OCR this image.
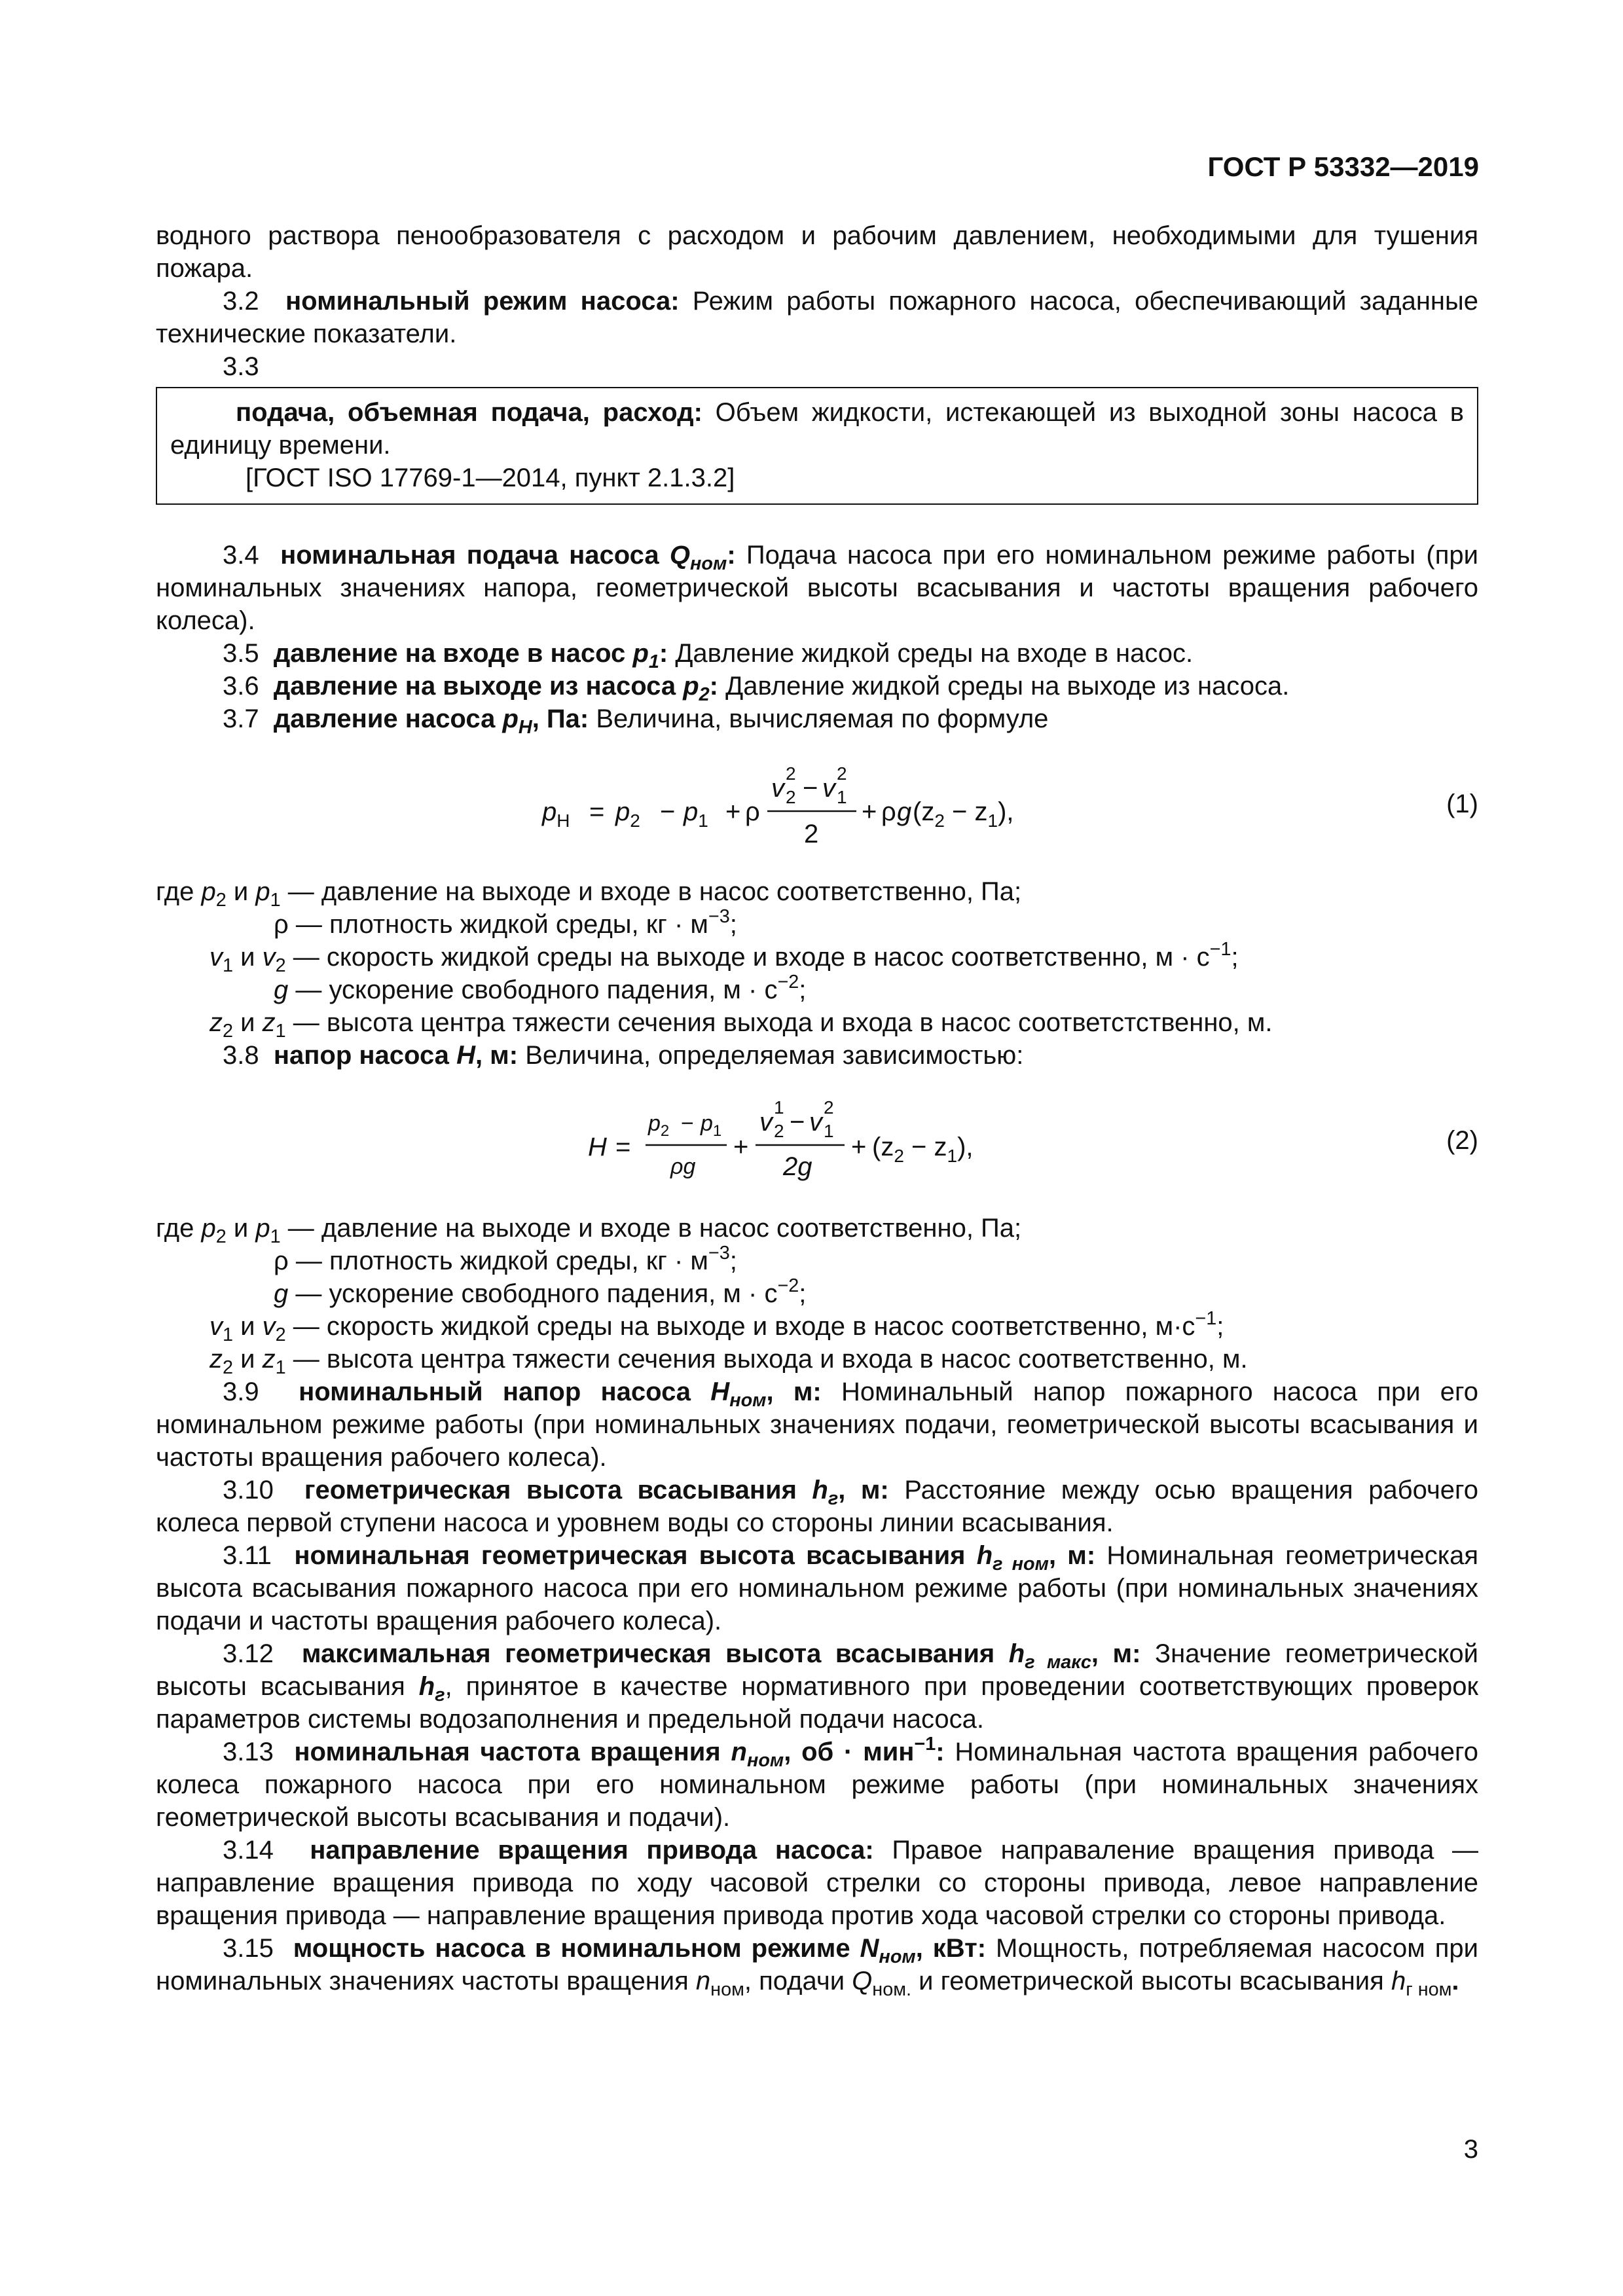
ГОСТ Р 53332—2019

водного раствора пенообразователя с расходом и рабочим давлением, необходимыми для тушения пожара.

3.2 номинальный режим насоса: Режим работы пожарного насоса, обеспечивающий заданные технические показатели.

3.3

подача, объемная подача, расход: Объем жидкости, истекающей из выходной зоны насоса в единицу времени.

[ГОСТ ISO 17769-1—2014, пункт 2.1.3.2]

3.4 номинальная подача насоса $Q_{ном}$: Подача насоса при его номинальном режиме работы (при номинальных значениях напора, геометрической высоты всасывания и частоты вращения рабочего колеса).

3.5 давление на входе в насос $p_1$: Давление жидкой среды на входе в насос.

3.6 давление на выходе из насоса $p_2$: Давление жидкой среды на выходе из насоса.

3.7 давление насоса $p_Н$, Па: Величина, вычисляемая по формуле

$p_Н = p_2 - p_1 + \rho$
v
2
2 − v
2
1
2
+ ρ g $(z_2 - z_1)$,	(1)
где $p_2$ и $p_1$ — давление на выходе и входе в насос соответственно, Па;
ρ — плотность жидкой среды, кг · $м^{-3}$;
$v_1$ и $v_2$ — скорость жидкой среды на выходе и входе в насос соответственно, $м \cdot с^{-1}$;
g — ускорение свободного падения, $м \cdot с^{-2}$;
$z_2$ и $z_1$ — высота центра тяжести сечения выхода и входа в насос соответстственно, м.

3.8 напор насоса H, м: Величина, определяемая зависимостью:

H =
$p_2 - p_1$
ρg
+
v
1
2 − v
2
1
2g
+ $(z_2 - z_1)$,	(2)
где $p_2$ и $p_1$ — давление на выходе и входе в насос соответственно, Па;
ρ — плотность жидкой среды, кг · $м^{-3}$;
g — ускорение свободного падения, $м \cdot с^{-2}$;
$v_1$ и $v_2$ — скорость жидкой среды на выходе и входе в насос соответственно, $м\cdot с^{-1}$;
$z_2$ и $z_1$ — высота центра тяжести сечения выхода и входа в насос соответственно, м.

3.9 номинальный напор насоса $H_{ном}$, м: Номинальный напор пожарного насоса при его номинальном режиме работы (при номинальных значениях подачи, геометрической высоты всасывания и частоты вращения рабочего колеса).

3.10 геометрическая высота всасывания $h_г$, м: Расстояние между осью вращения рабочего колеса первой ступени насоса и уровнем воды со стороны линии всасывания.

3.11 номинальная геометрическая высота всасывания $h_{г ном}$, м: Номинальная геометрическая высота всасывания пожарного насоса при его номинальном режиме работы (при номинальных значениях подачи и частоты вращения рабочего колеса).

3.12 максимальная геометрическая высота всасывания $h_{г макс}$, м: Значение геометрической высоты всасывания $h_г$, принятое в качестве нормативного при проведении соответствующих проверок параметров системы водозаполнения и предельной подачи насоса.

3.13 номинальная частота вращения $n_{ном}$, об · мин$^{-1}$: Номинальная частота вращения рабочего колеса пожарного насоса при его номинальном режиме работы (при номинальных значениях геометрической высоты всасывания и подачи).

3.14 направление вращения привода насоса: Правое направаление вращения привода — направление вращения привода по ходу часовой стрелки со стороны привода, левое направление вращения привода — направление вращения привода против хода часовой стрелки со стороны привода.

3.15 мощность насоса в номинальном режиме $N_{ном}$, кВт: Мощность, потребляемая насосом при номинальных значениях частоты вращения $n_{ном}$, подачи $Q_{ном.}$ и геометрической высоты всасывания $h_{г ном}$.

3
